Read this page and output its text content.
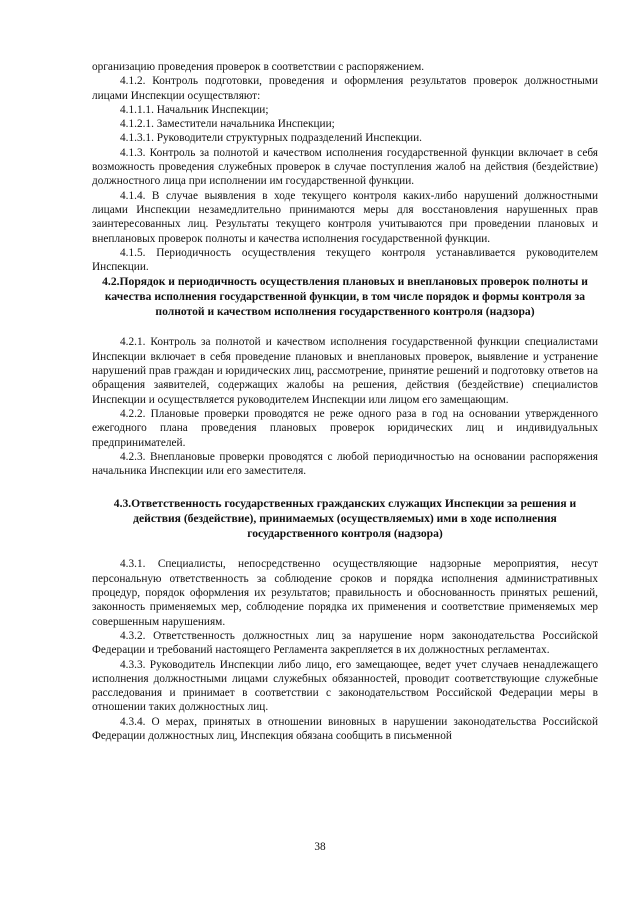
организацию проведения проверок в соответствии с распоряжением.

4.1.2. Контроль подготовки, проведения и оформления результатов проверок должностными лицами Инспекции осуществляют:

4.1.1.1. Начальник Инспекции;

4.1.2.1. Заместители начальника Инспекции;

4.1.3.1. Руководители структурных подразделений Инспекции.

4.1.3. Контроль за полнотой и качеством исполнения государственной функции включает в себя возможность проведения служебных проверок в случае поступления жалоб на действия (бездействие) должностного лица при исполнении им государственной функции.

4.1.4. В случае выявления в ходе текущего контроля каких-либо нарушений должностными лицами Инспекции незамедлительно принимаются меры для восстановления нарушенных прав заинтересованных лиц. Результаты текущего контроля учитываются при проведении плановых и внеплановых проверок полноты и качества исполнения государственной функции.

4.1.5. Периодичность осуществления текущего контроля устанавливается руководителем Инспекции.

4.2.Порядок и периодичность осуществления плановых и внеплановых проверок полноты и качества исполнения государственной функции, в том числе порядок и формы контроля за полнотой и качеством исполнения государственного контроля (надзора)

4.2.1. Контроль за полнотой и качеством исполнения государственной функции специалистами Инспекции включает в себя проведение плановых и внеплановых проверок, выявление и устранение нарушений прав граждан и юридических лиц, рассмотрение, принятие решений и подготовку ответов на обращения заявителей, содержащих жалобы на решения, действия (бездействие) специалистов Инспекции и осуществляется руководителем Инспекции или лицом его замещающим.

4.2.2. Плановые проверки проводятся не реже одного раза в год на основании утвержденного ежегодного плана проведения плановых проверок юридических лиц и индивидуальных предпринимателей.

4.2.3. Внеплановые проверки проводятся с любой периодичностью на основании распоряжения начальника Инспекции или его заместителя.

4.3.Ответственность государственных гражданских служащих Инспекции за решения и действия (бездействие), принимаемых (осуществляемых) ими в ходе исполнения государственного контроля (надзора)

4.3.1. Специалисты, непосредственно осуществляющие надзорные мероприятия, несут персональную ответственность за соблюдение сроков и порядка исполнения административных процедур, порядок оформления их результатов; правильность и обоснованность принятых решений, законность применяемых мер, соблюдение порядка их применения и соответствие применяемых мер совершенным нарушениям.

4.3.2. Ответственность должностных лиц за нарушение норм законодательства Российской Федерации и требований настоящего Регламента закрепляется в их должностных регламентах.

4.3.3. Руководитель Инспекции либо лицо, его замещающее, ведет учет случаев ненадлежащего исполнения должностными лицами служебных обязанностей, проводит соответствующие служебные расследования и принимает в соответствии с законодательством Российской Федерации меры в отношении таких должностных лиц.

4.3.4. О мерах, принятых в отношении виновных в нарушении законодательства Российской Федерации должностных лиц, Инспекция обязана сообщить в письменной

38
